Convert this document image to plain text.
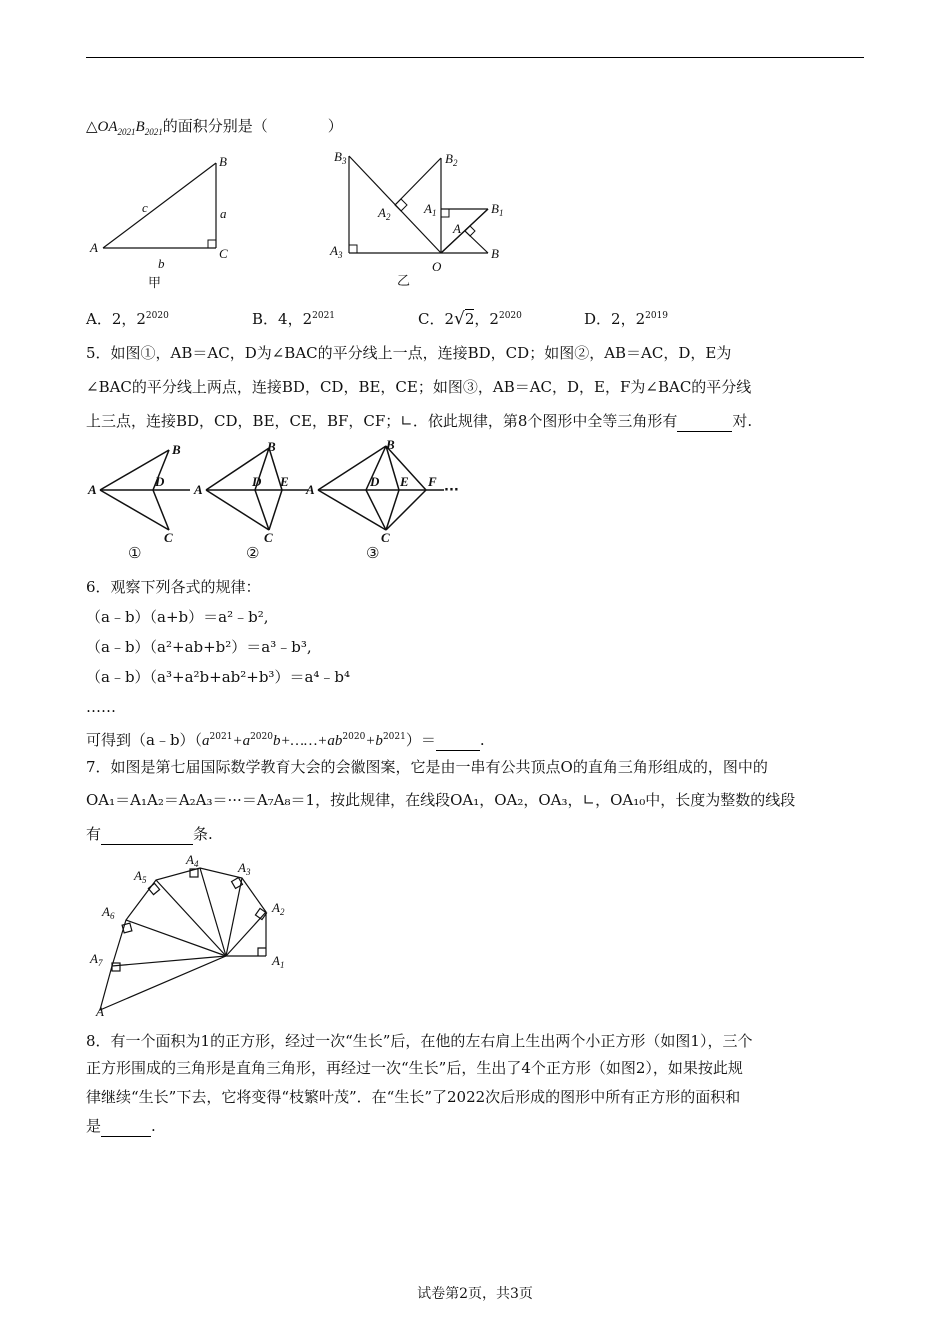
$\triangle OA_{2021}B_{2021}$的面积分别是（　　　　）
A
B
C
a
b
c
甲
$B_3$	$B_2$
$B_1$
B
$A_2$
$A_1$
A
$A_3$
O
乙
A．2，$2^{2020}$	B．4，$2^{2021}$	C．2√2，$2^{2020}$	D．2，$2^{2019}$
5．如图①，AB＝AC，D为∠BAC的平分线上一点，连接BD，CD；如图②，AB＝AC，D，E为
∠BAC的平分线上两点，连接BD，CD，BE，CE；如图③，AB＝AC，D，E，F为∠BAC的平分线
上三点，连接BD，CD，BE，CE，BF，CF；∟．依此规律，第8个图形中全等三角形有	对.
A
B
D
C
A
B
D E
C
A
B
D E F
C
···
①	②	③
6．观察下列各式的规律：
（a﹣b）（a+b）＝a²﹣b²,
（a﹣b）（a²+ab+b²）＝a³﹣b³,
（a﹣b）（a³+a²b+ab²+b³）＝a⁴﹣b⁴
……
可得到$(a﹣b)(a^{2021}+a^{2020}b+\dots\dots+ab^{2020}+b^{2021})=$	.
7．如图是第七届国际数学教育大会的会徽图案，它是由一串有公共顶点O的直角三角形组成的，图中的
OA₁＝A₁A₂＝A₂A₃＝···＝A₇A₈＝1，按此规律，在线段OA₁，OA₂，OA₃，∟，OA₁₀中，长度为整数的线段
有	条.
$A_1$
$A_2$
$A_3$
$A_4$
$A_5$
$A_6$
$A_7$
A
8．有一个面积为1的正方形，经过一次“生长”后，在他的左右肩上生出两个小正方形（如图1），三个
正方形围成的三角形是直角三角形，再经过一次“生长”后，生出了4个正方形（如图2），如果按此规
律继续“生长”下去，它将变得“枝繁叶茂”．在“生长”了2022次后形成的图形中所有正方形的面积和
是	.
试卷第2页，共3页
